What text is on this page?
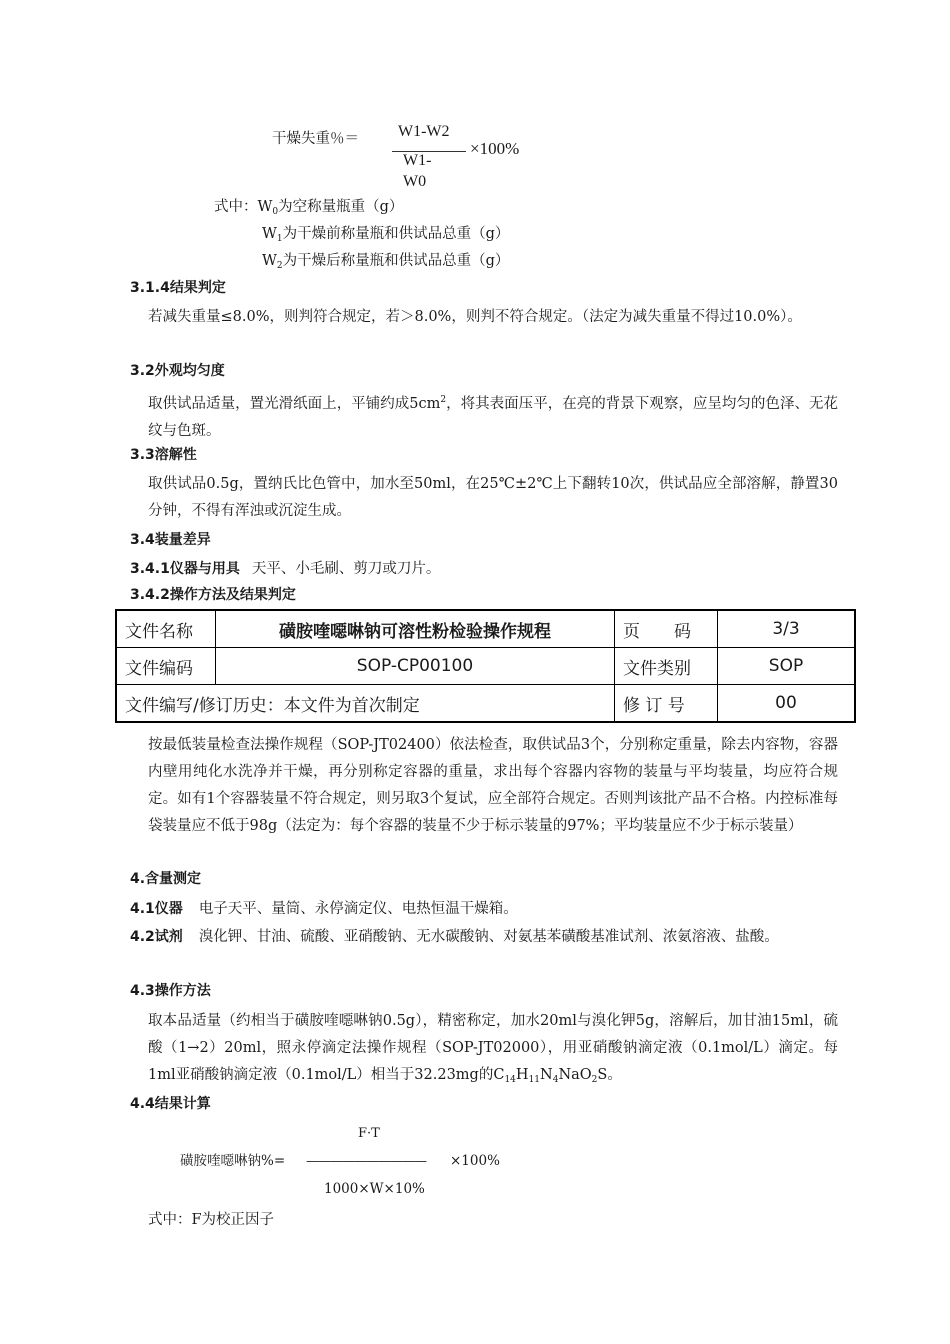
干燥失重％＝ W1-W2
W1-
W0
×100%
式中：$W_0$为空称量瓶重（g）
$W_1$为干燥前称量瓶和供试品总重（g）
$W_2$为干燥后称量瓶和供试品总重（g）
3.1.4结果判定
若减失重量≤8.0%，则判符合规定，若＞8.0%，则判不符合规定。（法定为减失重量不得过10.0%）。
3.2外观均匀度
取供试品适量，置光滑纸面上，平铺约成$5cm^2$，将其表面压平，在亮的背景下观察，应呈均匀的色泽、无花纹与色斑。
3.3溶解性
取供试品0.5g，置纳氏比色管中，加水至50ml，在25℃±2℃上下翻转10次，供试品应全部溶解，静置30分钟，不得有浑浊或沉淀生成。
3.4装量差异
3.4.1仪器与用具 天平、小毛刷、剪刀或刀片。
3.4.2操作方法及结果判定
文件名称	磺胺喹噁啉钠可溶性粉检验操作规程	页　　码	3/3
文件编码	SOP-CP00100	文件类别	SOP
文件编写/修订历史：本文件为首次制定		修 订 号	00
按最低装量检查法操作规程（SOP-JT02400）依法检查，取供试品3个，分别称定重量，除去内容物，容器内壁用纯化水洗净并干燥，再分别称定容器的重量，求出每个容器内容物的装量与平均装量，均应符合规定。如有1个容器装量不符合规定，则另取3个复试，应全部符合规定。否则判该批产品不合格。内控标准每袋装量应不低于98g（法定为：每个容器的装量不少于标示装量的97%；平均装量应不少于标示装量）
4.含量测定
4.1仪器 电子天平、量筒、永停滴定仪、电热恒温干燥箱。
4.2试剂 溴化钾、甘油、硫酸、亚硝酸钠、无水碳酸钠、对氨基苯磺酸基准试剂、浓氨溶液、盐酸。
4.3操作方法
取本品适量（约相当于磺胺喹噁啉钠0.5g），精密称定，加水20ml与溴化钾5g，溶解后，加甘油15ml，硫酸（1→2）20ml，照永停滴定法操作规程（SOP-JT02000），用亚硝酸钠滴定液（0.1mol/L）滴定。每1ml亚硝酸钠滴定液（0.1mol/L）相当于32.23mg的$C_{14}H_{11}N_4NaO_2S$。
4.4结果计算
F·T
磺胺喹噁啉钠%= —————————— ×100%
1000×W×10%
式中：F为校正因子
